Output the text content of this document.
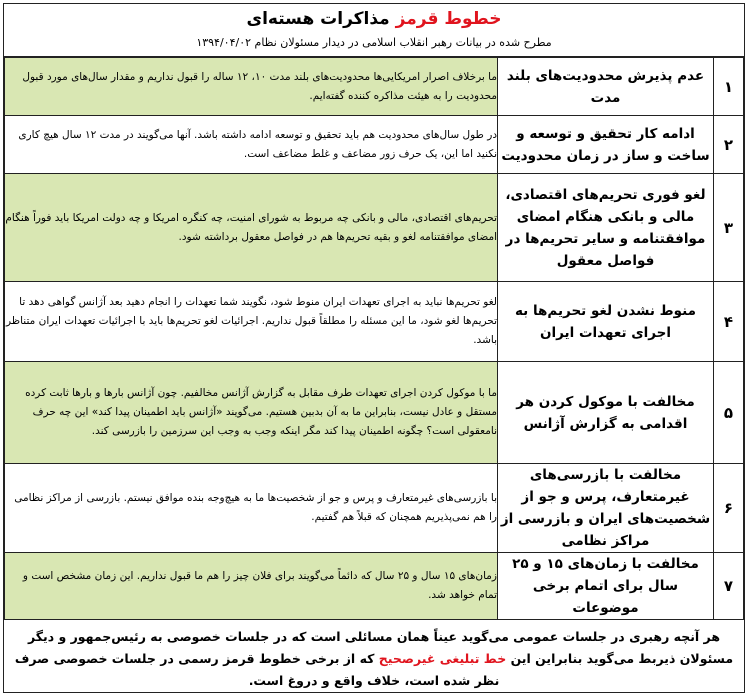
خطوط قرمز مذاکرات هسته‌ای
مطرح شده در بیانات رهبر انقلاب اسلامی در دیدار مسئولان نظام ۱۳۹۴/۰۴/۰۲
۱	عدم پذیرش محدودیت‌های بلند مدت	ما برخلاف اصرار امریکایی‌ها محدودیت‌های بلند مدت ۱۰، ۱۲ ساله را قبول نداریم و مقدار سال‌های مورد قبول محدودیت را به هیئت مذاکره کننده گفته‌ایم.
۲	ادامه کار تحقیق و توسعه و ساخت و ساز در زمان محدودیت	در طول سال‌های محدودیت هم باید تحقیق و توسعه ادامه داشته باشد. آنها می‌گویند در مدت ۱۲ سال هیچ کاری نکنید اما این، یک حرف زور مضاعف و غلط مضاعف است.
۳	لغو فوری تحریم‌های اقتصادی، مالی و بانکی هنگام امضای موافقتنامه و سایر تحریم‌ها در فواصل معقول	تحریم‌های اقتصادی، مالی و بانکی چه مربوط به شورای امنیت، چه کنگره امریکا و چه دولت امریکا باید فوراً هنگام امضای موافقتنامه لغو و بقیه تحریم‌ها هم در فواصل معقول برداشته شود.
۴	منوط نشدن لغو تحریم‌ها به اجرای تعهدات ایران	لغو تحریم‌ها نباید به اجرای تعهدات ایران منوط شود، نگویند شما تعهدات را انجام دهید بعد آژانس گواهی دهد تا تحریم‌ها لغو شود، ما این مسئله را مطلقاً قبول نداریم. اجرائیات لغو تحریم‌ها باید با اجرائیات تعهدات ایران متناظر باشد.
۵	مخالفت با موکول کردن هر اقدامی به گزارش آژانس	ما با موکول کردن اجرای تعهدات طرف مقابل به گزارش آژانس مخالفیم. چون آژانس بارها و بارها ثابت کرده مستقل و عادل نیست، بنابراین ما به آن بدبین هستیم. می‌گویند «آژانس باید اطمینان پیدا کند» این چه حرف نامعقولی است؟ چگونه اطمینان پیدا کند مگر اینکه وجب به وجب این سرزمین را بازرسی کند.
۶	مخالفت با بازرسی‌های غیرمتعارف، پرس و جو از شخصیت‌های ایران و بازرسی از مراکز نظامی	با بازرسی‌های غیرمتعارف و پرس و جو از شخصیت‌ها ما به هیچ‌وجه بنده موافق نیستم. بازرسی از مراکز نظامی را هم نمی‌پذیریم همچنان که قبلاً هم گفتیم.
۷	مخالفت با زمان‌های ۱۵ و ۲۵ سال برای اتمام برخی موضوعات	زمان‌های ۱۵ سال و ۲۵ سال که دائماً می‌گویند برای فلان چیز را هم ما قبول نداریم. این زمان مشخص است و تمام خواهد شد.
هر آنچه رهبری در جلسات عمومی می‌گوید عیناً همان مسائلی است که در جلسات خصوصی به رئیس‌جمهور و دیگر مسئولان ذیربط می‌گوید بنابراین این خط تبلیغی غیرصحیح که از برخی خطوط قرمز رسمی در جلسات خصوصی صرف نظر شده است، خلاف واقع و دروغ است.
